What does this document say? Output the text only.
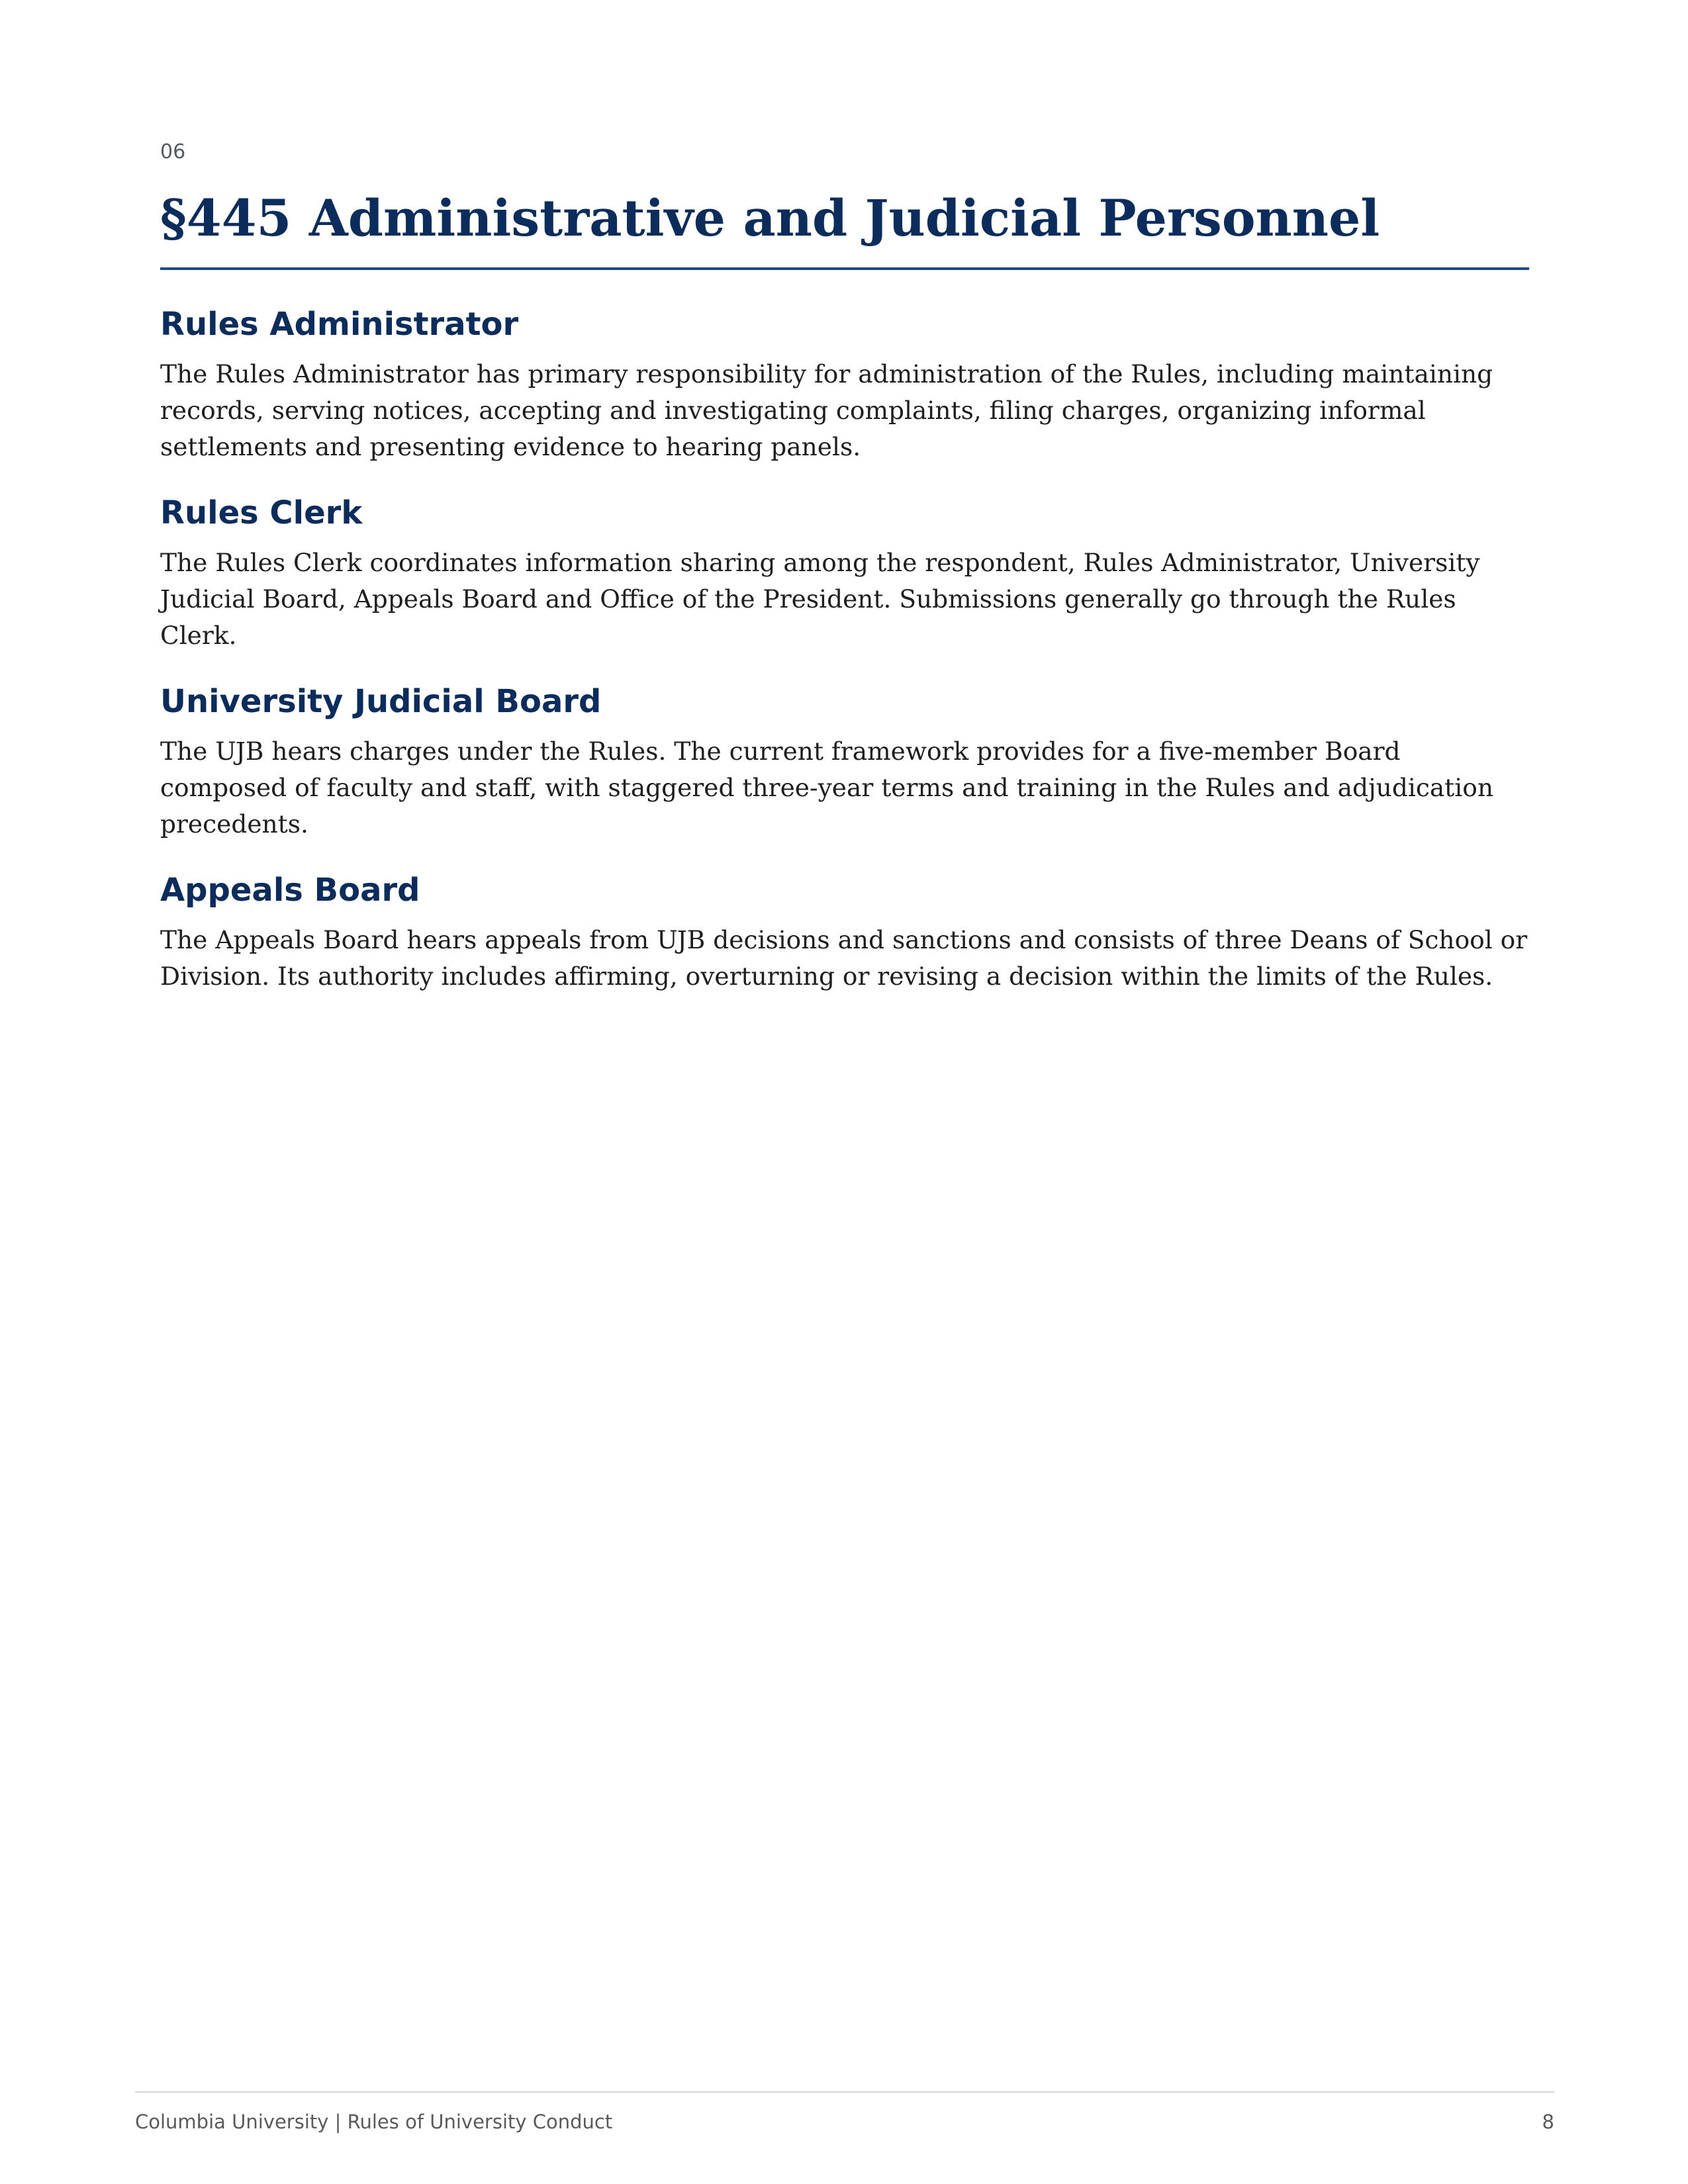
06

§445 Administrative and Judicial Personnel
Rules Administrator

The Rules Administrator has primary responsibility for administration of the Rules, including maintaining records, serving notices, accepting and investigating complaints, filing charges, organizing informal settlements and presenting evidence to hearing panels.

Rules Clerk

The Rules Clerk coordinates information sharing among the respondent, Rules Administrator, University Judicial Board, Appeals Board and Office of the President. Submissions generally go through the Rules Clerk.

University Judicial Board

The UJB hears charges under the Rules. The current framework provides for a five-member Board composed of faculty and staff, with staggered three-year terms and training in the Rules and adjudication precedents.

Appeals Board

The Appeals Board hears appeals from UJB decisions and sanctions and consists of three Deans of School or Division. Its authority includes affirming, overturning or revising a decision within the limits of the Rules.

Columbia University | Rules of University Conduct	8
